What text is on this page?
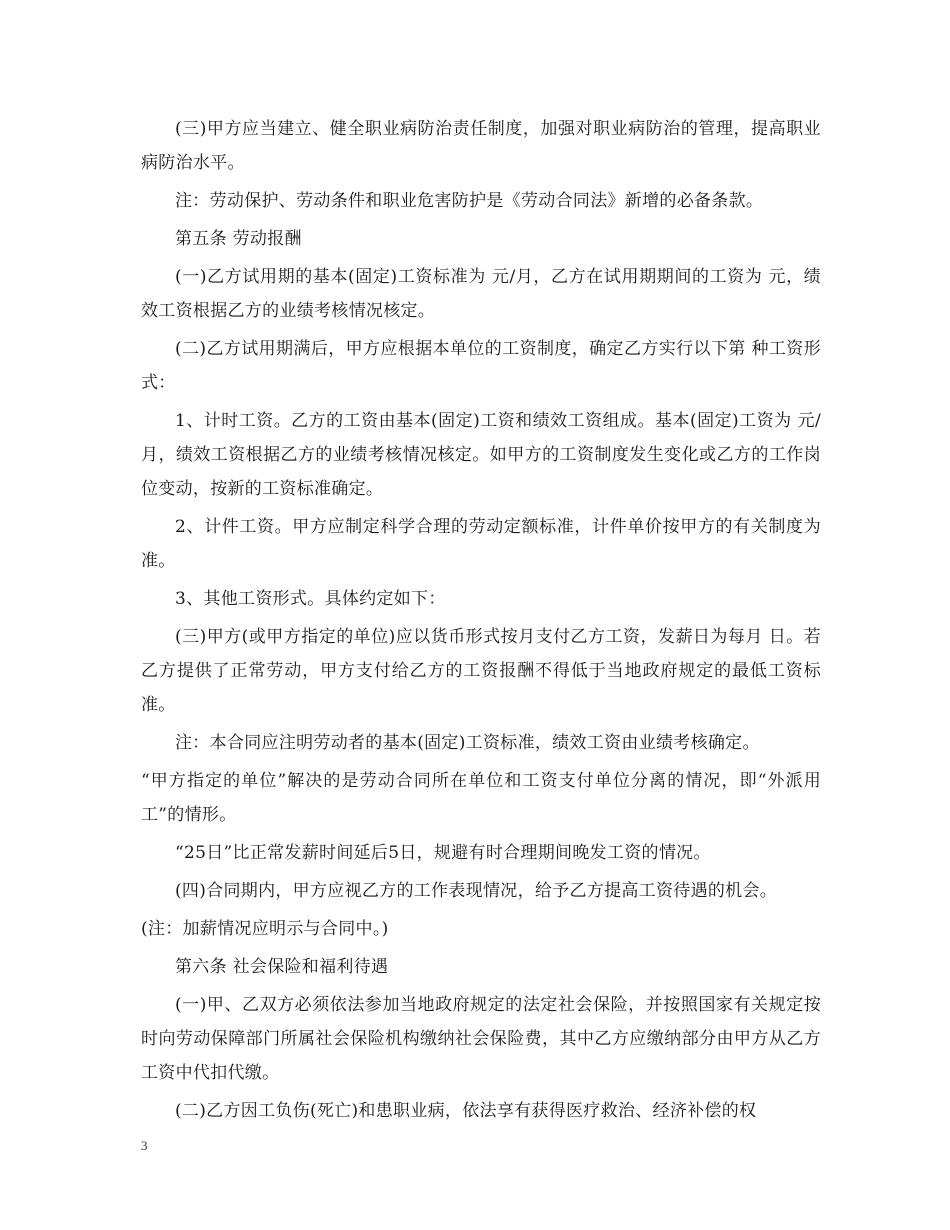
(三)甲方应当建立、健全职业病防治责任制度，加强对职业病防治的管理，提高职业病防治水平。

注：劳动保护、劳动条件和职业危害防护是《劳动合同法》新增的必备条款。

第五条 劳动报酬

(一)乙方试用期的基本(固定)工资标准为 元/月，乙方在试用期期间的工资为 元，绩效工资根据乙方的业绩考核情况核定。

(二)乙方试用期满后，甲方应根据本单位的工资制度，确定乙方实行以下第 种工资形式：

1、计时工资。乙方的工资由基本(固定)工资和绩效工资组成。基本(固定)工资为 元/月，绩效工资根据乙方的业绩考核情况核定。如甲方的工资制度发生变化或乙方的工作岗位变动，按新的工资标准确定。

2、计件工资。甲方应制定科学合理的劳动定额标准，计件单价按甲方的有关制度为准。

3、其他工资形式。具体约定如下：

(三)甲方(或甲方指定的单位)应以货币形式按月支付乙方工资，发薪日为每月 日。若乙方提供了正常劳动，甲方支付给乙方的工资报酬不得低于当地政府规定的最低工资标准。

注：本合同应注明劳动者的基本(固定)工资标准，绩效工资由业绩考核确定。

“甲方指定的单位”解决的是劳动合同所在单位和工资支付单位分离的情况，即“外派用工”的情形。

“25日”比正常发薪时间延后5日，规避有时合理期间晚发工资的情况。

(四)合同期内，甲方应视乙方的工作表现情况，给予乙方提高工资待遇的机会。

(注：加薪情况应明示与合同中。)

第六条 社会保险和福利待遇

(一)甲、乙双方必须依法参加当地政府规定的法定社会保险，并按照国家有关规定按时向劳动保障部门所属社会保险机构缴纳社会保险费，其中乙方应缴纳部分由甲方从乙方工资中代扣代缴。

(二)乙方因工负伤(死亡)和患职业病，依法享有获得医疗救治、经济补偿的权

3
